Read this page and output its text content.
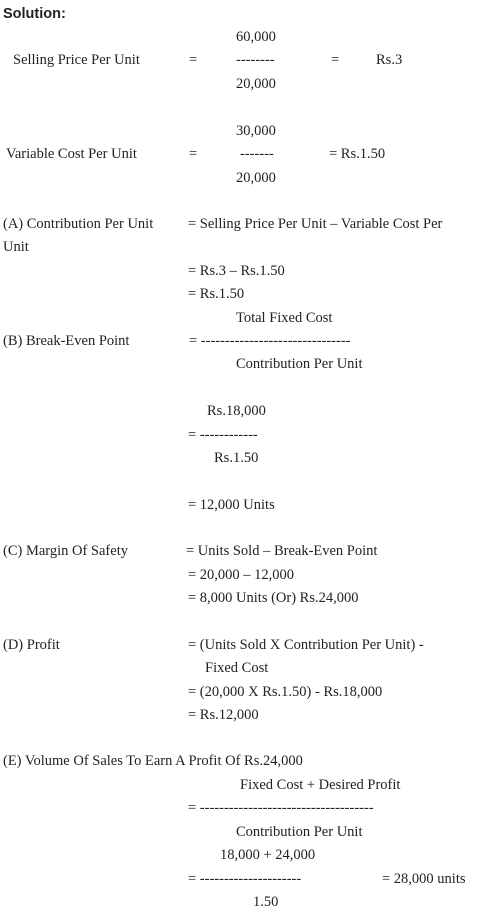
Solution:
60,000
Selling Price Per Unit	=	--------	=	Rs.3
20,000
30,000
Variable Cost Per Unit	=	-------	= Rs.1.50
20,000
(A) Contribution Per Unit = Selling Price Per Unit – Variable Cost Per
Unit
= Rs.3 – Rs.1.50
= Rs.1.50
Total Fixed Cost
(B) Break-Even Point	= -------------------------------
Contribution Per Unit
Rs.18,000
= ------------
Rs.1.50
= 12,000 Units
(C) Margin Of Safety	= Units Sold – Break-Even Point
= 20,000 – 12,000
= 8,000 Units (Or) Rs.24,000
(D) Profit	= (Units Sold X Contribution Per Unit) -
Fixed Cost
= (20,000 X Rs.1.50) - Rs.18,000
= Rs.12,000
(E) Volume Of Sales To Earn A Profit Of Rs.24,000
Fixed Cost + Desired Profit
= ------------------------------------
Contribution Per Unit
18,000 + 24,000
= ---------------------	= 28,000 units
1.50
